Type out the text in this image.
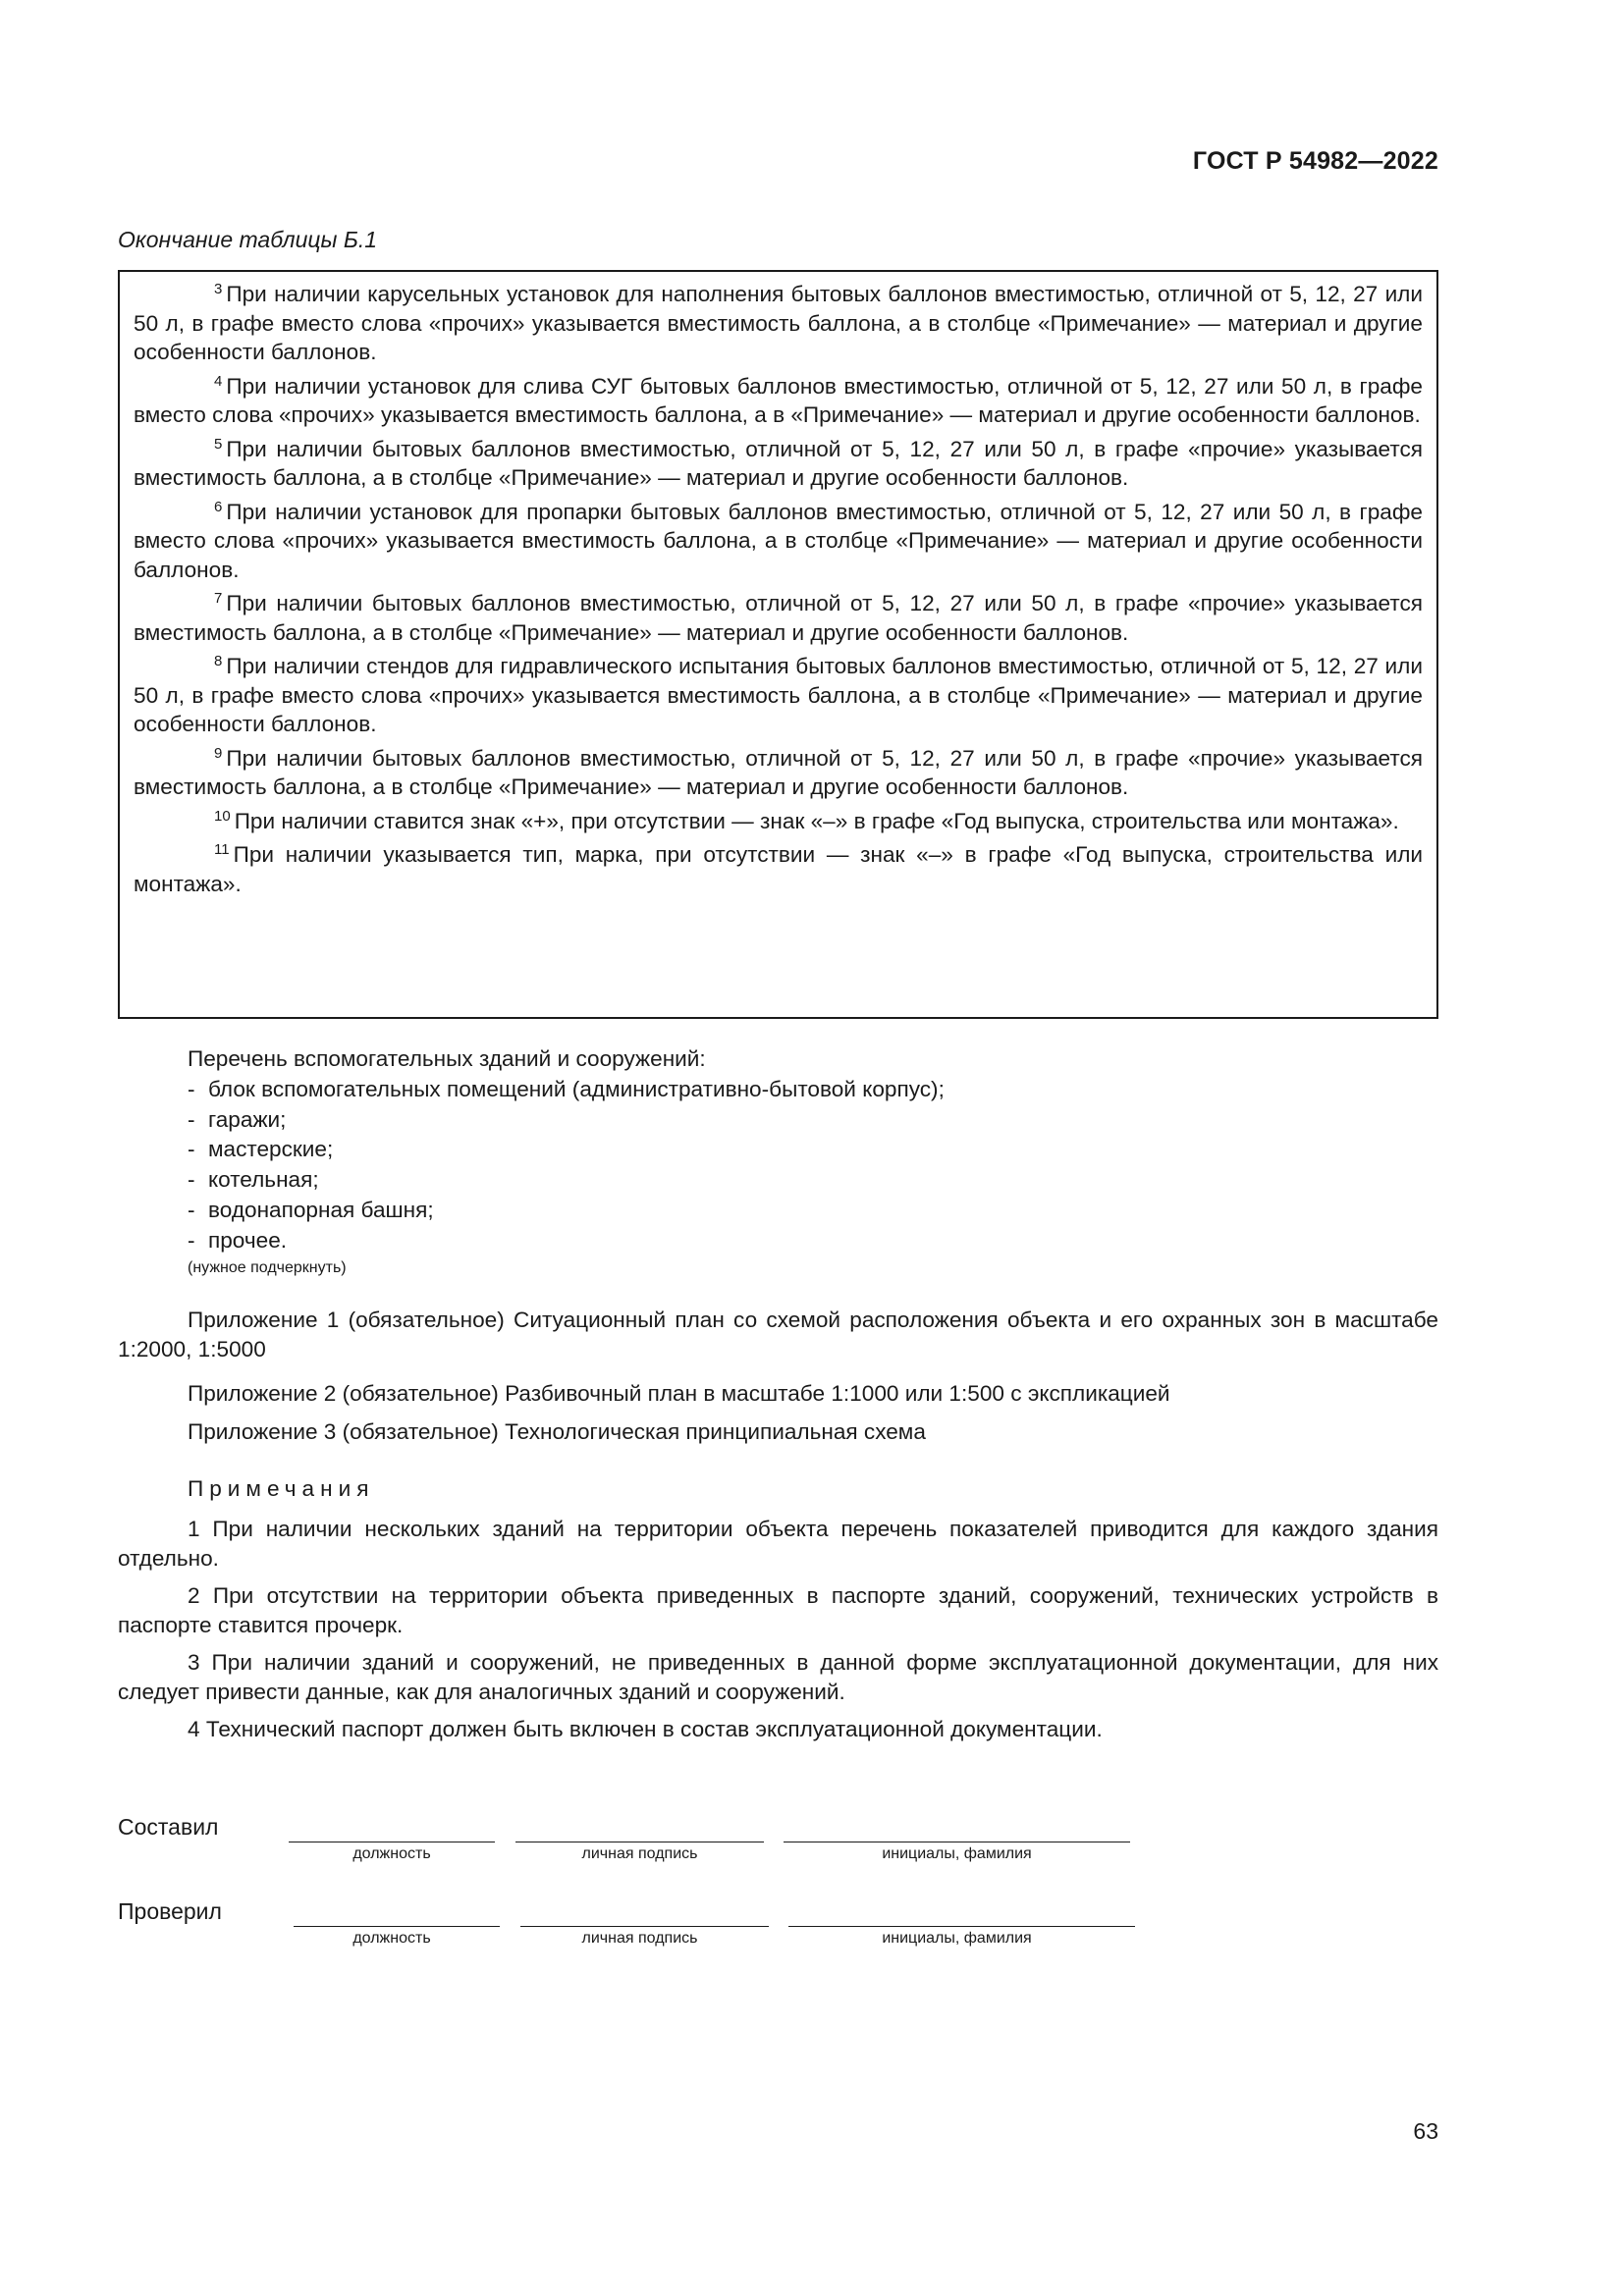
ГОСТ Р 54982—2022
Окончание таблицы Б.1

$^3$ При наличии карусельных установок для наполнения бытовых баллонов вместимостью, отличной от 5, 12, 27 или 50 л, в графе вместо слова «прочих» указывается вместимость баллона, а в столбце «Примечание» — материал и другие особенности баллонов.

$^4$ При наличии установок для слива СУГ бытовых баллонов вместимостью, отличной от 5, 12, 27 или 50 л, в графе вместо слова «прочих» указывается вместимость баллона, а в «Примечание» — материал и другие особенности баллонов.

$^5$ При наличии бытовых баллонов вместимостью, отличной от 5, 12, 27 или 50 л, в графе «прочие» указывается вместимость баллона, а в столбце «Примечание» — материал и другие особенности баллонов.

$^6$ При наличии установок для пропарки бытовых баллонов вместимостью, отличной от 5, 12, 27 или 50 л, в графе вместо слова «прочих» указывается вместимость баллона, а в столбце «Примечание» — материал и другие особенности баллонов.

$^7$ При наличии бытовых баллонов вместимостью, отличной от 5, 12, 27 или 50 л, в графе «прочие» указывается вместимость баллона, а в столбце «Примечание» — материал и другие особенности баллонов.

$^8$ При наличии стендов для гидравлического испытания бытовых баллонов вместимостью, отличной от 5, 12, 27 или 50 л, в графе вместо слова «прочих» указывается вместимость баллона, а в столбце «Примечание» — материал и другие особенности баллонов.

$^9$ При наличии бытовых баллонов вместимостью, отличной от 5, 12, 27 или 50 л, в графе «прочие» указывается вместимость баллона, а в столбце «Примечание» — материал и другие особенности баллонов.

$^{10}$ При наличии ставится знак «+», при отсутствии — знак «–» в графе «Год выпуска, строительства или монтажа».

$^{11}$ При наличии указывается тип, марка, при отсутствии — знак «–» в графе «Год выпуска, строительства или монтажа».

Перечень вспомогательных зданий и сооружений:
- блок вспомогательных помещений (административно-бытовой корпус);
- гаражи;
- мастерские;
- котельная;
- водонапорная башня;
- прочее.
(нужное подчеркнуть)
Приложение 1 (обязательное) Ситуационный план со схемой расположения объекта и его охранных зон в масштабе 1:2000, 1:5000
Приложение 2 (обязательное) Разбивочный план в масштабе 1:1000 или 1:500 с экспликацией
Приложение 3 (обязательное) Технологическая принципиальная схема
Примечания
1 При наличии нескольких зданий на территории объекта перечень показателей приводится для каждого здания отдельно.
2 При отсутствии на территории объекта приведенных в паспорте зданий, сооружений, технических устройств в паспорте ставится прочерк.
3 При наличии зданий и сооружений, не приведенных в данной форме эксплуатационной документации, для них следует привести данные, как для аналогичных зданий и сооружений.
4 Технический паспорт должен быть включен в состав эксплуатационной документации.
Составил
должность	личная подпись	инициалы, фамилия
Проверил
должность	личная подпись	инициалы, фамилия
63
